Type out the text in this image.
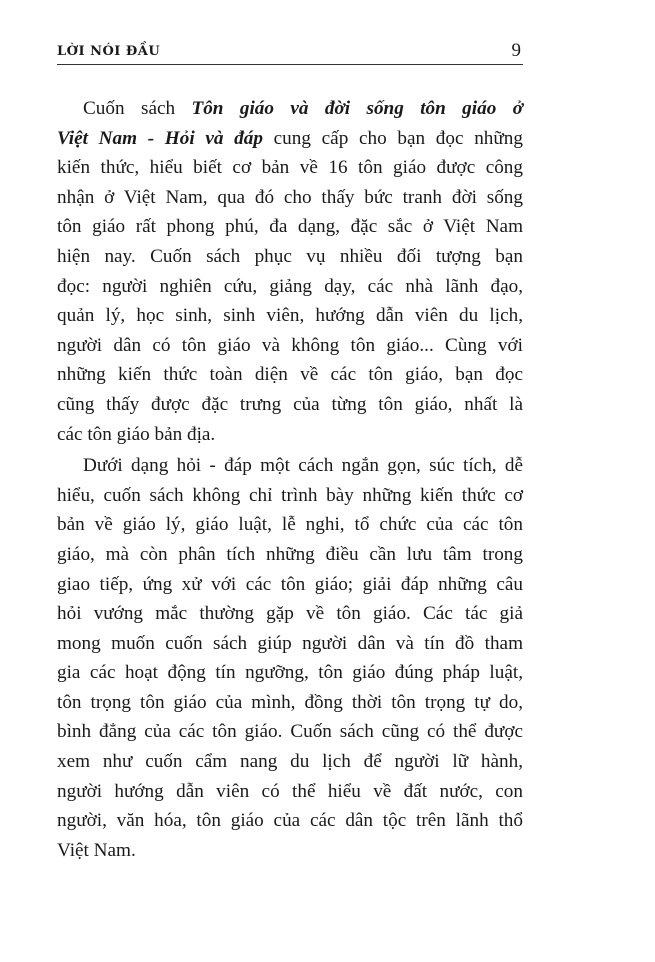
LỜI NÓI ĐẦU	9
Cuốn sách Tôn giáo và đời sống tôn giáo ở
Việt Nam - Hỏi và đáp cung cấp cho bạn đọc những
kiến thức, hiểu biết cơ bản về 16 tôn giáo được công
nhận ở Việt Nam, qua đó cho thấy bức tranh đời sống
tôn giáo rất phong phú, đa dạng, đặc sắc ở Việt Nam
hiện nay. Cuốn sách phục vụ nhiều đối tượng bạn
đọc: người nghiên cứu, giảng dạy, các nhà lãnh đạo,
quản lý, học sinh, sinh viên, hướng dẫn viên du lịch,
người dân có tôn giáo và không tôn giáo... Cùng với
những kiến thức toàn diện về các tôn giáo, bạn đọc
cũng thấy được đặc trưng của từng tôn giáo, nhất là
các tôn giáo bản địa.
Dưới dạng hỏi - đáp một cách ngắn gọn, súc tích, dễ
hiểu, cuốn sách không chỉ trình bày những kiến thức cơ
bản về giáo lý, giáo luật, lễ nghi, tổ chức của các tôn
giáo, mà còn phân tích những điều cần lưu tâm trong
giao tiếp, ứng xử với các tôn giáo; giải đáp những câu
hỏi vướng mắc thường gặp về tôn giáo. Các tác giả
mong muốn cuốn sách giúp người dân và tín đồ tham
gia các hoạt động tín ngưỡng, tôn giáo đúng pháp luật,
tôn trọng tôn giáo của mình, đồng thời tôn trọng tự do,
bình đẳng của các tôn giáo. Cuốn sách cũng có thể được
xem như cuốn cẩm nang du lịch để người lữ hành,
người hướng dẫn viên có thể hiểu về đất nước, con
người, văn hóa, tôn giáo của các dân tộc trên lãnh thổ
Việt Nam.
